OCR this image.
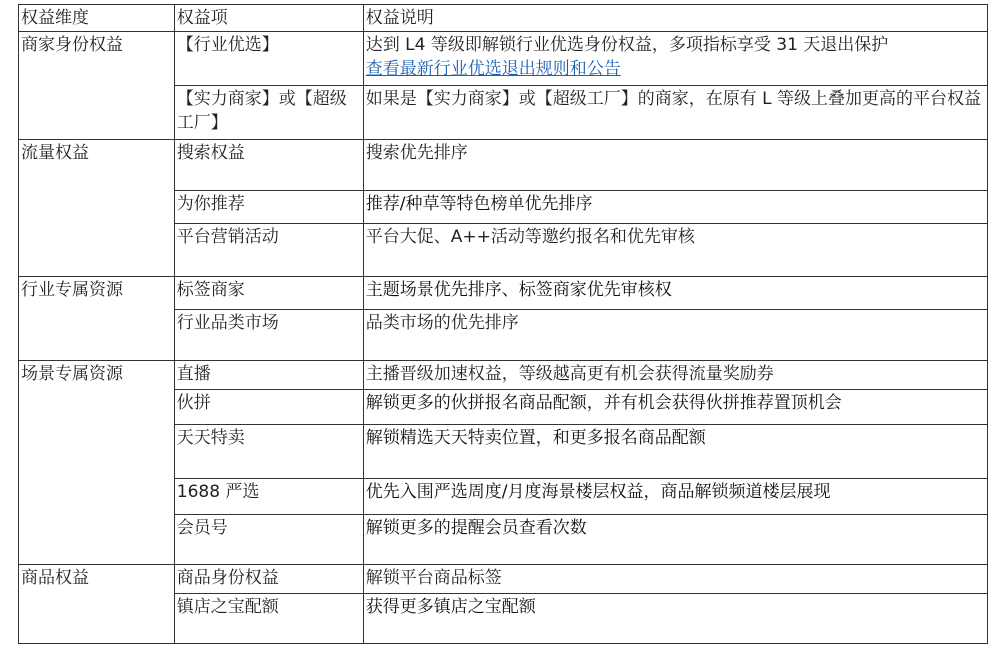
权益维度	权益项	权益说明
商家身份权益	【行业优选】	达到 L4 等级即解锁行业优选身份权益，多项指标享受 31 天退出保护
查看最新行业优选退出规则和公告

	【实力商家】或【超级工厂】	如果是【实力商家】或【超级工厂】的商家，在原有 L 等级上叠加更高的平台权益
流量权益	搜索权益	搜索优先排序
	为你推荐	推荐/种草等特色榜单优先排序
	平台营销活动	平台大促、A++活动等邀约报名和优先审核
行业专属资源	标签商家	主题场景优先排序、标签商家优先审核权
	行业品类市场	品类市场的优先排序
场景专属资源	直播	主播晋级加速权益，等级越高更有机会获得流量奖励券
	伙拼	解锁更多的伙拼报名商品配额，并有机会获得伙拼推荐置顶机会
	天天特卖	解锁精选天天特卖位置，和更多报名商品配额
	1688 严选	优先入围严选周度/月度海景楼层权益，商品解锁频道楼层展现
	会员号	解锁更多的提醒会员查看次数
商品权益	商品身份权益	解锁平台商品标签
	镇店之宝配额	获得更多镇店之宝配额
